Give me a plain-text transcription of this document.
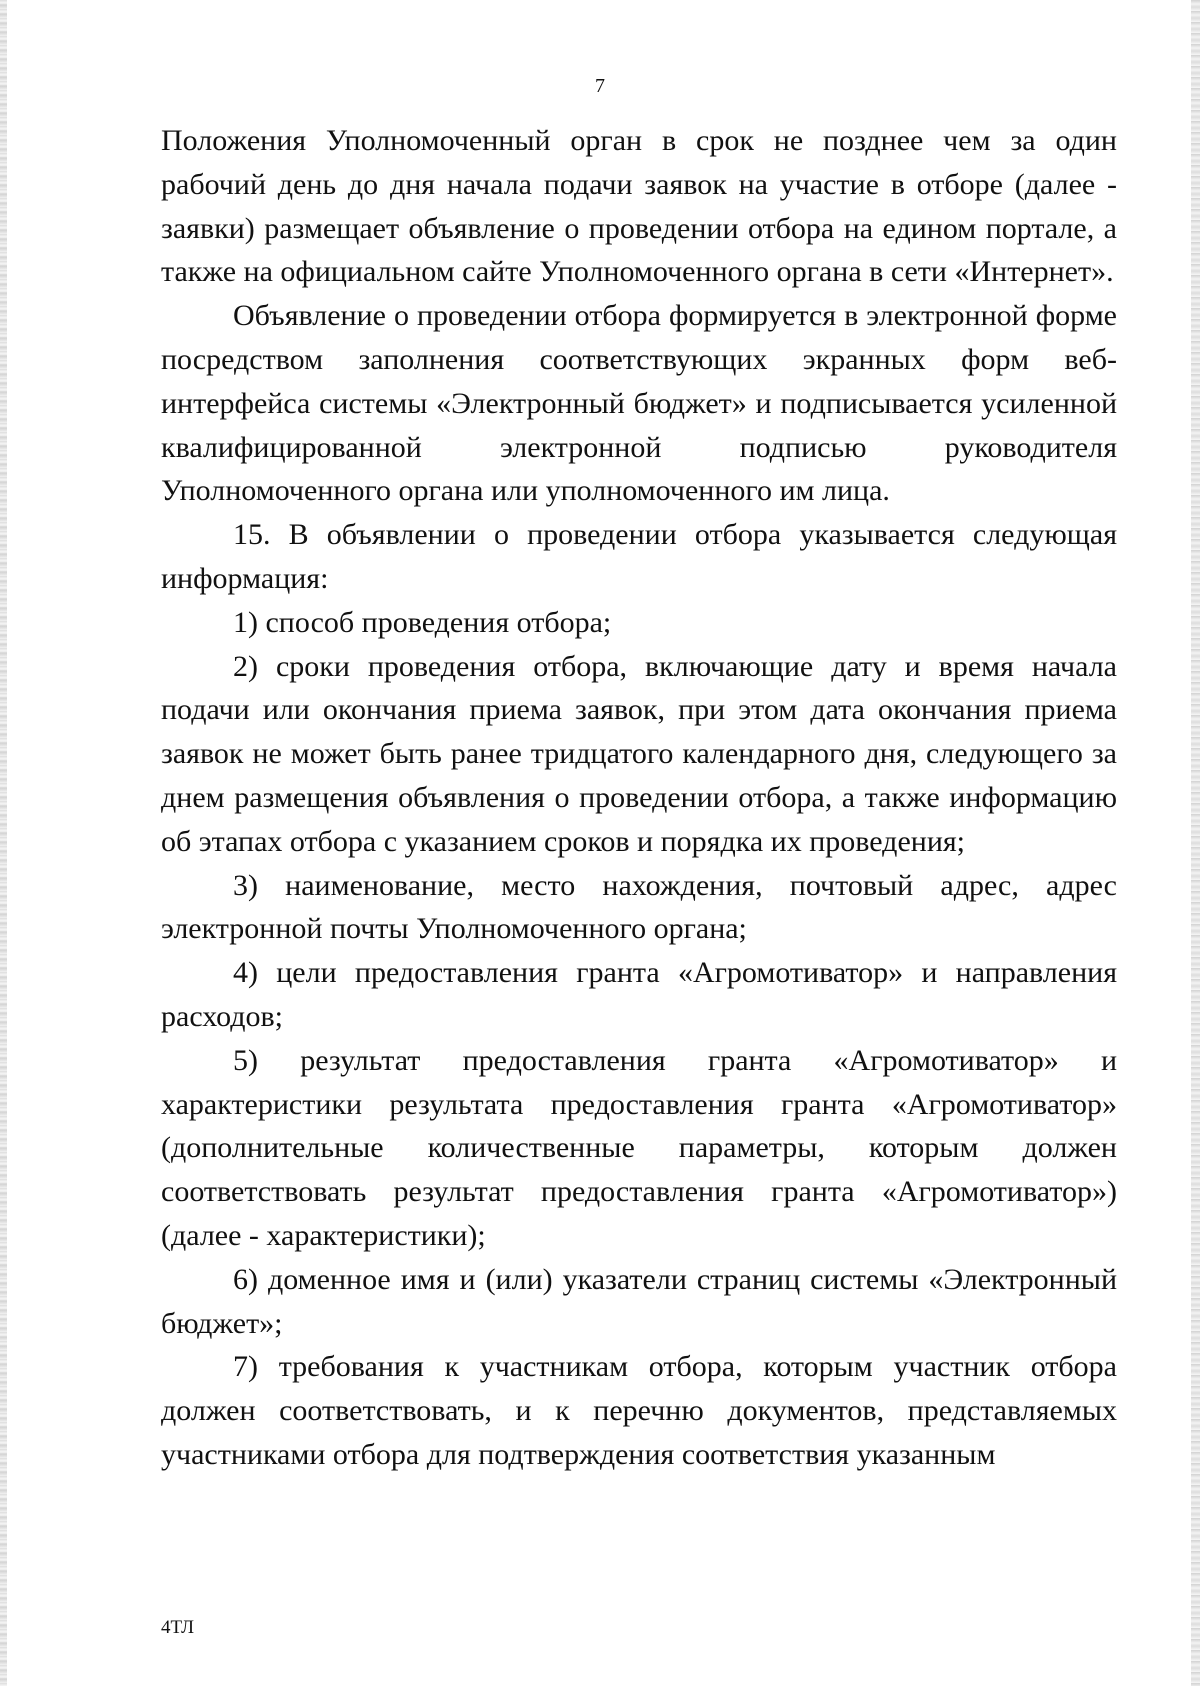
7

Положения Уполномоченный орган в срок не позднее чем за один рабочий день до дня начала подачи заявок на участие в отборе (далее - заявки) размещает объявление о проведении отбора на едином портале, а также на официальном сайте Уполномоченного органа в сети «Интернет».

Объявление о проведении отбора формируется в электронной форме посредством заполнения соответствующих экранных форм веб-интерфейса системы «Электронный бюджет» и подписывается усиленной квалифицированной электронной подписью руководителя Уполномоченного органа или уполномоченного им лица.

15. В объявлении о проведении отбора указывается следующая информация:

1) способ проведения отбора;

2) сроки проведения отбора, включающие дату и время начала подачи или окончания приема заявок, при этом дата окончания приема заявок не может быть ранее тридцатого календарного дня, следующего за днем размещения объявления о проведении отбора, а также информацию об этапах отбора с указанием сроков и порядка их проведения;

3) наименование, место нахождения, почтовый адрес, адрес электронной почты Уполномоченного органа;

4) цели предоставления гранта «Агромотиватор» и направления расходов;

5) результат предоставления гранта «Агромотиватор» и характеристики результата предоставления гранта «Агромотиватор» (дополнительные количественные параметры, которым должен соответствовать результат предоставления гранта «Агромотиватор») (далее - характеристики);

6) доменное имя и (или) указатели страниц системы «Электронный бюджет»;

7) требования к участникам отбора, которым участник отбора должен соответствовать, и к перечню документов, представляемых участниками отбора для подтверждения соответствия указанным

4ТЛ
